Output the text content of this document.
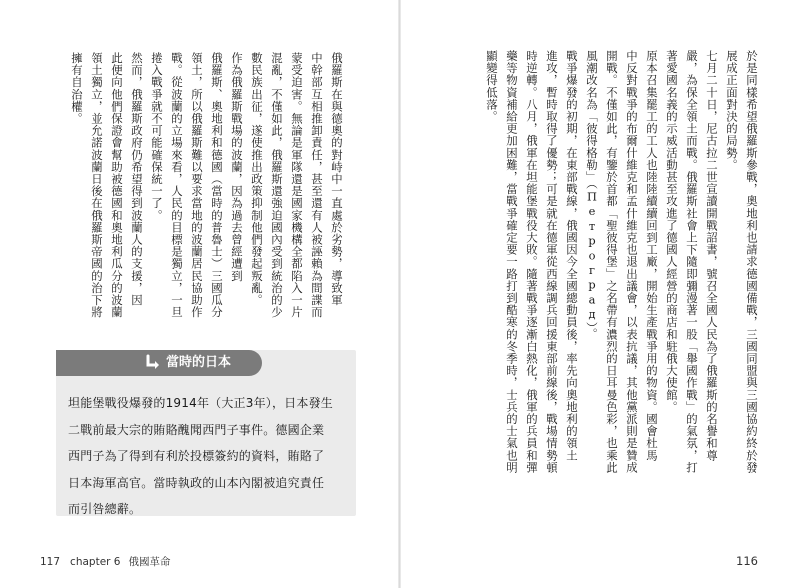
俄羅斯在與德奧的對峙中一直處於劣勢，導致軍
中幹部互相推卸責任，甚至還有人被誣賴為間諜而
蒙受迫害。無論是軍隊還是國家機構全都陷入一片
混亂，不僅如此，俄羅斯還強迫國內受到統治的少
數民族出征，遂使推出政策抑制他們發起叛亂。
作為俄羅斯戰場的波蘭，因為過去曾經遭到
俄羅斯、奧地利和德國（當時的普魯士）三國瓜分
領土，所以俄羅斯難以要求當地的波蘭居民協助作
戰。從波蘭的立場來看，人民的目標是獨立，一旦
捲入戰爭就不可能確保統一了。
然而，俄羅斯政府仍希望得到波蘭人的支援，因
此便向他們保證會幫助被德國和奧地利瓜分的波蘭
領土獨立，並允諾波蘭日後在俄羅斯帝國的治下將
擁有自治權。
當時的日本
坦能堡戰役爆發的1914年（大正3年），日本發生
二戰前最大宗的賄賂醜聞西門子事件。德國企業
西門子為了得到有利於投標簽約的資料，賄賂了
日本海軍高官。當時執政的山本內閣被追究責任
而引咎總辭。
117 chapter 6 俄國革命
於是同樣希望俄羅斯參戰，奧地利也請求德國備戰，三國同盟與三國協約終於發
展成正面對決的局勢。
七月二十日，尼古拉二世宣讀開戰詔書，號召全國人民為了俄羅斯的名譽和尊
嚴，為保全領土而戰。俄羅斯社會上下隨即彌漫著一股「舉國作戰」的氣氛，打
著愛國名義的示威活動甚至攻進了德國人經營的商店和駐俄大使館。
原本召集罷工的工人也陸陸續續回到工廠，開始生產戰爭用的物資。國會杜馬
中反對戰爭的布爾什維克和孟什維克也退出議會，以表抗議，其他黨派則是贊成
開戰。不僅如此，有鑒於首都「聖彼得堡」之名帶有濃烈的日耳曼色彩，也乘此
風潮改名為「彼得格勒」（Петроград）。
戰爭爆發的初期，在東部戰線，俄國因今全國總動員後，率先向奧地利的領土
進攻，暫時取得了優勢；可是就在德軍從西線調兵回援東部前線後，戰場情勢頓
時逆轉。八月，俄軍在坦能堡戰役大敗。隨著戰爭逐漸白熱化，俄軍的兵員和彈
藥等物資補給更加困難，當戰爭確定要一路打到酷寒的冬季時，士兵的士氣也明
顯變得低落。
116
